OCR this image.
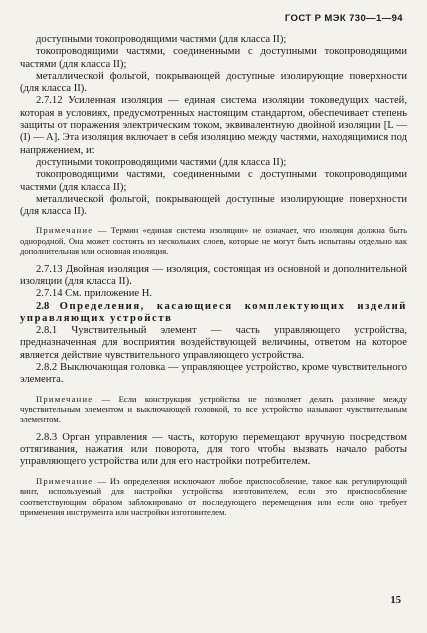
ГОСТ Р МЭК 730—1—94

доступными токопроводящими частями (для класса II);

токопроводящими частями, соединенными с доступными токопроводящими частями (для класса II);

металлической фольгой, покрывающей доступные изолирующие поверхности (для класса II).

2.7.12 Усиленная изоляция — единая система изоляции токоведущих частей, которая в условиях, предусмотренных настоящим стандартом, обеспечивает степень защиты от поражения электрическим током, эквивалентную двойной изоляции [L — (I) — A]. Эта изоляция включает в себя изоляцию между частями, находящимися под напряжением, и:

доступными токопроводящими частями (для класса II);

токопроводящими частями, соединенными с доступными токопроводящими частями (для класса II);

металлической фольгой, покрывающей доступные изолирующие поверхности (для класса II).

Примечание — Термин «единая система изоляции» не означает, что изоляция должна быть однородной. Она может состоять из нескольких слоев, которые не могут быть испытаны отдельно как дополнительная или основная изоляция.

2.7.13 Двойная изоляция — изоляция, состоящая из основной и дополнительной изоляции (для класса II).

2.7.14 См. приложение Н.

2.8 Определения, касающиеся комплектующих изделий управляющих устройств

2.8.1 Чувствительный элемент — часть управляющего устройства, предназначенная для восприятия воздействующей величины, ответом на которое является действие чувствительного управляющего устройства.

2.8.2 Выключающая головка — управляющее устройство, кроме чувствительного элемента.

Примечание — Если конструкция устройства не позволяет делать различие между чувствительным элементом и выключающей головкой, то все устройство называют чувствительным элементом.

2.8.3 Орган управления — часть, которую перемещают вручную посредством оттягивания, нажатия или поворота, для того чтобы вызвать начало работы управляющего устройства или для его настройки потребителем.

Примечание — Из определения исключают любое приспособление, такое как регулирующий винт, используемый для настройки устройства изготовителем, если это приспособление соответствующим образом заблокировано от последующего перемещения или если оно требует применения инструмента или настройки изготовителем.

15
